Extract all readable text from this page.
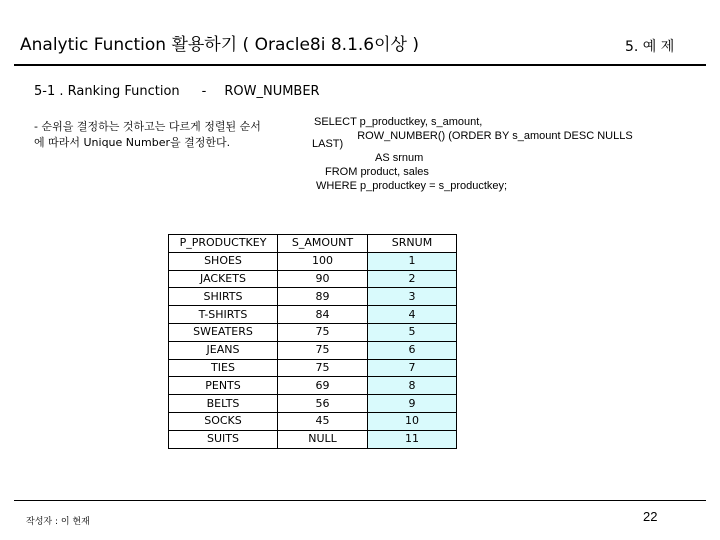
Analytic Function 활용하기 ( Oracle8i 8.1.6이상 )	5. 예 제
5-1 . Ranking Function - ROW_NUMBER
- 순위을 결정하는 것하고는 다르게 정렬된 순서
에 따라서 Unique Number을 결정한다.
SELECT p_productkey, s_amount,
LAST)
ROW_NUMBER() (ORDER BY s_amount DESC NULLS
AS srnum
FROM product, sales
WHERE p_productkey = s_productkey;
P_PRODUCTKEY	S_AMOUNT	SRNUM
SHOES	100	1
JACKETS	90	2
SHIRTS	89	3
T-SHIRTS	84	4
SWEATERS	75	5
JEANS	75	6
TIES	75	7
PENTS	69	8
BELTS	56	9
SOCKS	45	10
SUITS	NULL	11
작성자 : 이 현재	22
